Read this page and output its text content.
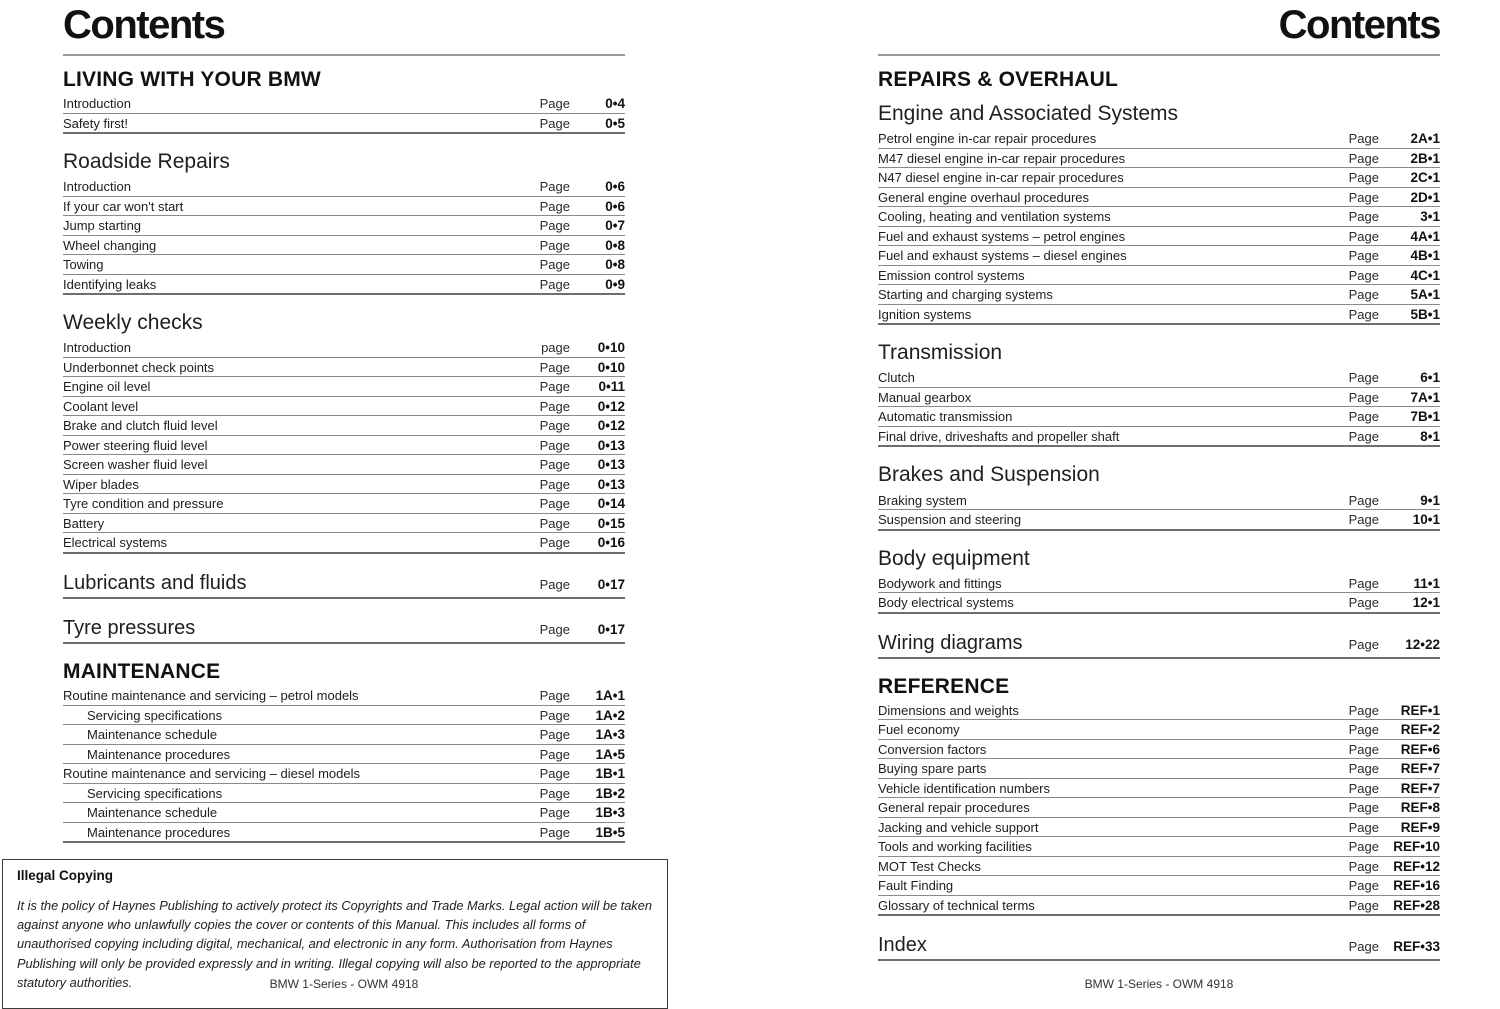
Contents
LIVING WITH YOUR BMW
Introduction	Page	0•4
Safety first!	Page	0•5
Roadside Repairs
Introduction	Page	0•6
If your car won't start	Page	0•6
Jump starting	Page	0•7
Wheel changing	Page	0•8
Towing	Page	0•8
Identifying leaks	Page	0•9
Weekly checks
Introduction	page	0•10
Underbonnet check points	Page	0•10
Engine oil level	Page	0•11
Coolant level	Page	0•12
Brake and clutch fluid level	Page	0•12
Power steering fluid level	Page	0•13
Screen washer fluid level	Page	0•13
Wiper blades	Page	0•13
Tyre condition and pressure	Page	0•14
Battery	Page	0•15
Electrical systems	Page	0•16
Lubricants and fluids	Page	0•17
Tyre pressures	Page	0•17
MAINTENANCE
Routine maintenance and servicing – petrol models	Page	1A•1
Servicing specifications	Page	1A•2
Maintenance schedule	Page	1A•3
Maintenance procedures	Page	1A•5
Routine maintenance and servicing – diesel models	Page	1B•1
Servicing specifications	Page	1B•2
Maintenance schedule	Page	1B•3
Maintenance procedures	Page	1B•5
Illegal Copying
It is the policy of Haynes Publishing to actively protect its Copyrights and Trade Marks. Legal action will be taken against anyone who unlawfully copies the cover or contents of this Manual. This includes all forms of unauthorised copying including digital, mechanical, and electronic in any form. Authorisation from Haynes Publishing will only be provided expressly and in writing. Illegal copying will also be reported to the appropriate statutory authorities.
Contents
REPAIRS & OVERHAUL
Engine and Associated Systems
Petrol engine in-car repair procedures	Page	2A•1
M47 diesel engine in-car repair procedures	Page	2B•1
N47 diesel engine in-car repair procedures	Page	2C•1
General engine overhaul procedures	Page	2D•1
Cooling, heating and ventilation systems	Page	3•1
Fuel and exhaust systems – petrol engines	Page	4A•1
Fuel and exhaust systems – diesel engines	Page	4B•1
Emission control systems	Page	4C•1
Starting and charging systems	Page	5A•1
Ignition systems	Page	5B•1
Transmission
Clutch	Page	6•1
Manual gearbox	Page	7A•1
Automatic transmission	Page	7B•1
Final drive, driveshafts and propeller shaft	Page	8•1
Brakes and Suspension
Braking system	Page	9•1
Suspension and steering	Page	10•1
Body equipment
Bodywork and fittings	Page	11•1
Body electrical systems	Page	12•1
Wiring diagrams	Page	12•22
REFERENCE
Dimensions and weights	Page	REF•1
Fuel economy	Page	REF•2
Conversion factors	Page	REF•6
Buying spare parts	Page	REF•7
Vehicle identification numbers	Page	REF•7
General repair procedures	Page	REF•8
Jacking and vehicle support	Page	REF•9
Tools and working facilities	Page	REF•10
MOT Test Checks	Page	REF•12
Fault Finding	Page	REF•16
Glossary of technical terms	Page	REF•28
Index	Page	REF•33
BMW 1-Series - OWM 4918	BMW 1-Series - OWM 4918
